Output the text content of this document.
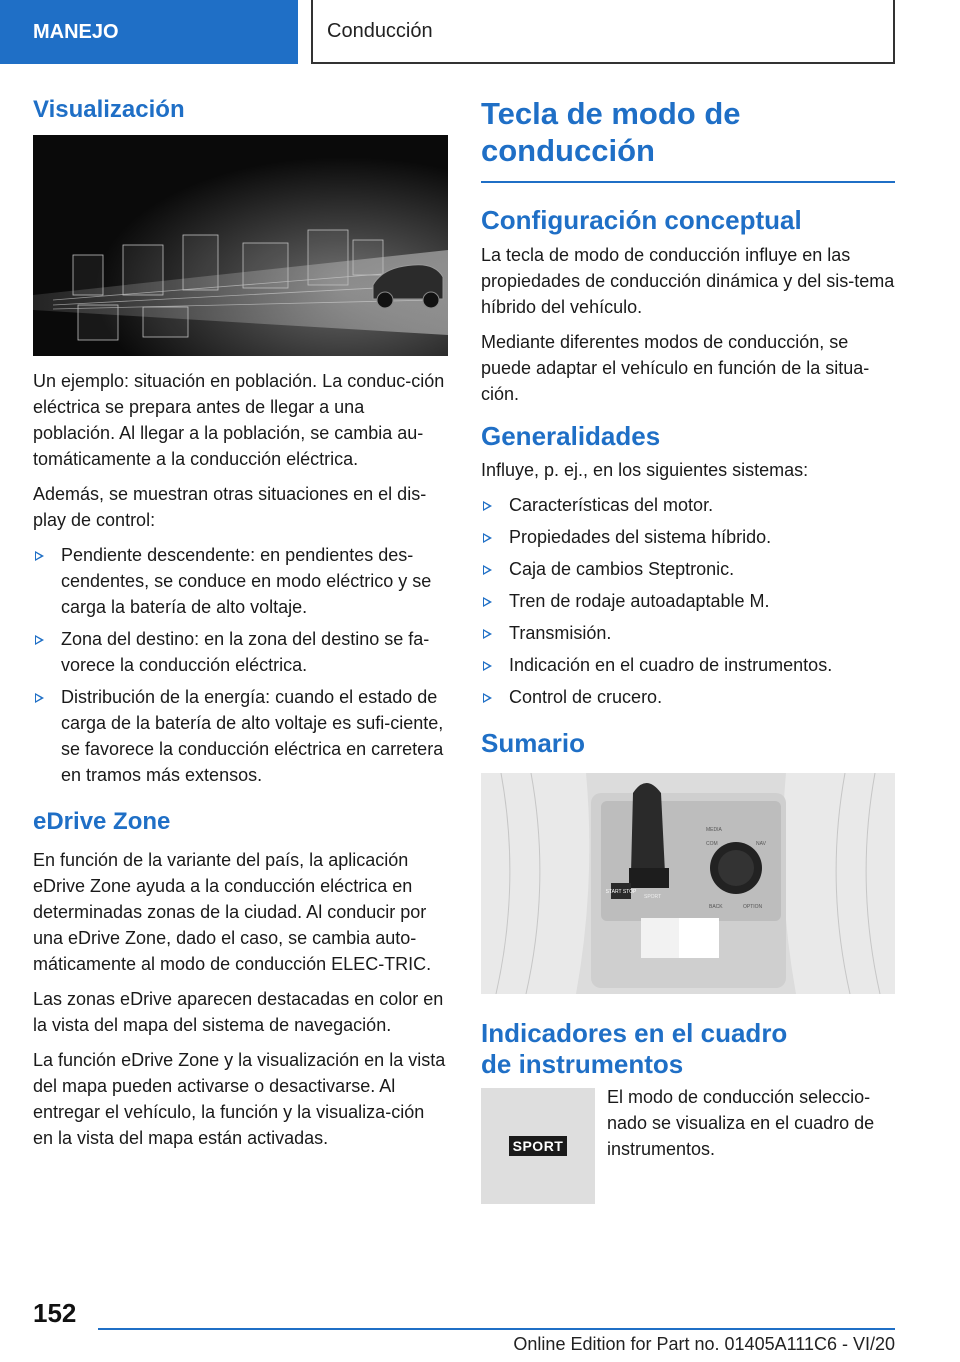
MANEJO	Conducción
Visualización

Un ejemplo: situación en población. La conduc-ción eléctrica se prepara antes de llegar a una población. Al llegar a la población, se cambia au-tomáticamente a la conducción eléctrica.

Además, se muestran otras situaciones en el dis-play de control:

Pendiente descendente: en pendientes des-cendentes, se conduce en modo eléctrico y se carga la batería de alto voltaje.
Zona del destino: en la zona del destino se fa-vorece la conducción eléctrica.
Distribución de la energía: cuando el estado de carga de la batería de alto voltaje es sufi-ciente, se favorece la conducción eléctrica en carretera en tramos más extensos.
eDrive Zone

En función de la variante del país, la aplicación eDrive Zone ayuda a la conducción eléctrica en determinadas zonas de la ciudad. Al conducir por una eDrive Zone, dado el caso, se cambia auto-máticamente al modo de conducción ELEC-TRIC.

Las zonas eDrive aparecen destacadas en color en la vista del mapa del sistema de navegación.

La función eDrive Zone y la visualización en la vista del mapa pueden activarse o desactivarse. Al entregar el vehículo, la función y la visualiza-ción en la vista del mapa están activadas.

Tecla de modo de conducción
Configuración conceptual

La tecla de modo de conducción influye en las propiedades de conducción dinámica y del sis-tema híbrido del vehículo.

Mediante diferentes modos de conducción, se puede adaptar el vehículo en función de la situa-ción.

Generalidades

Influye, p. ej., en los siguientes sistemas:

Características del motor.
Propiedades del sistema híbrido.
Caja de cambios Steptronic.
Tren de rodaje autoadaptable M.
Transmisión.
Indicación en el cuadro de instrumentos.
Control de crucero.
Sumario
START STOP
MEDIA
COM	NAV
BACK	OPTION
SPORT
Indicadores en el cuadro de instrumentos
SPORT

El modo de conducción seleccio-nado se visualiza en el cuadro de instrumentos.

152
Online Edition for Part no. 01405A111C6 - VI/20
